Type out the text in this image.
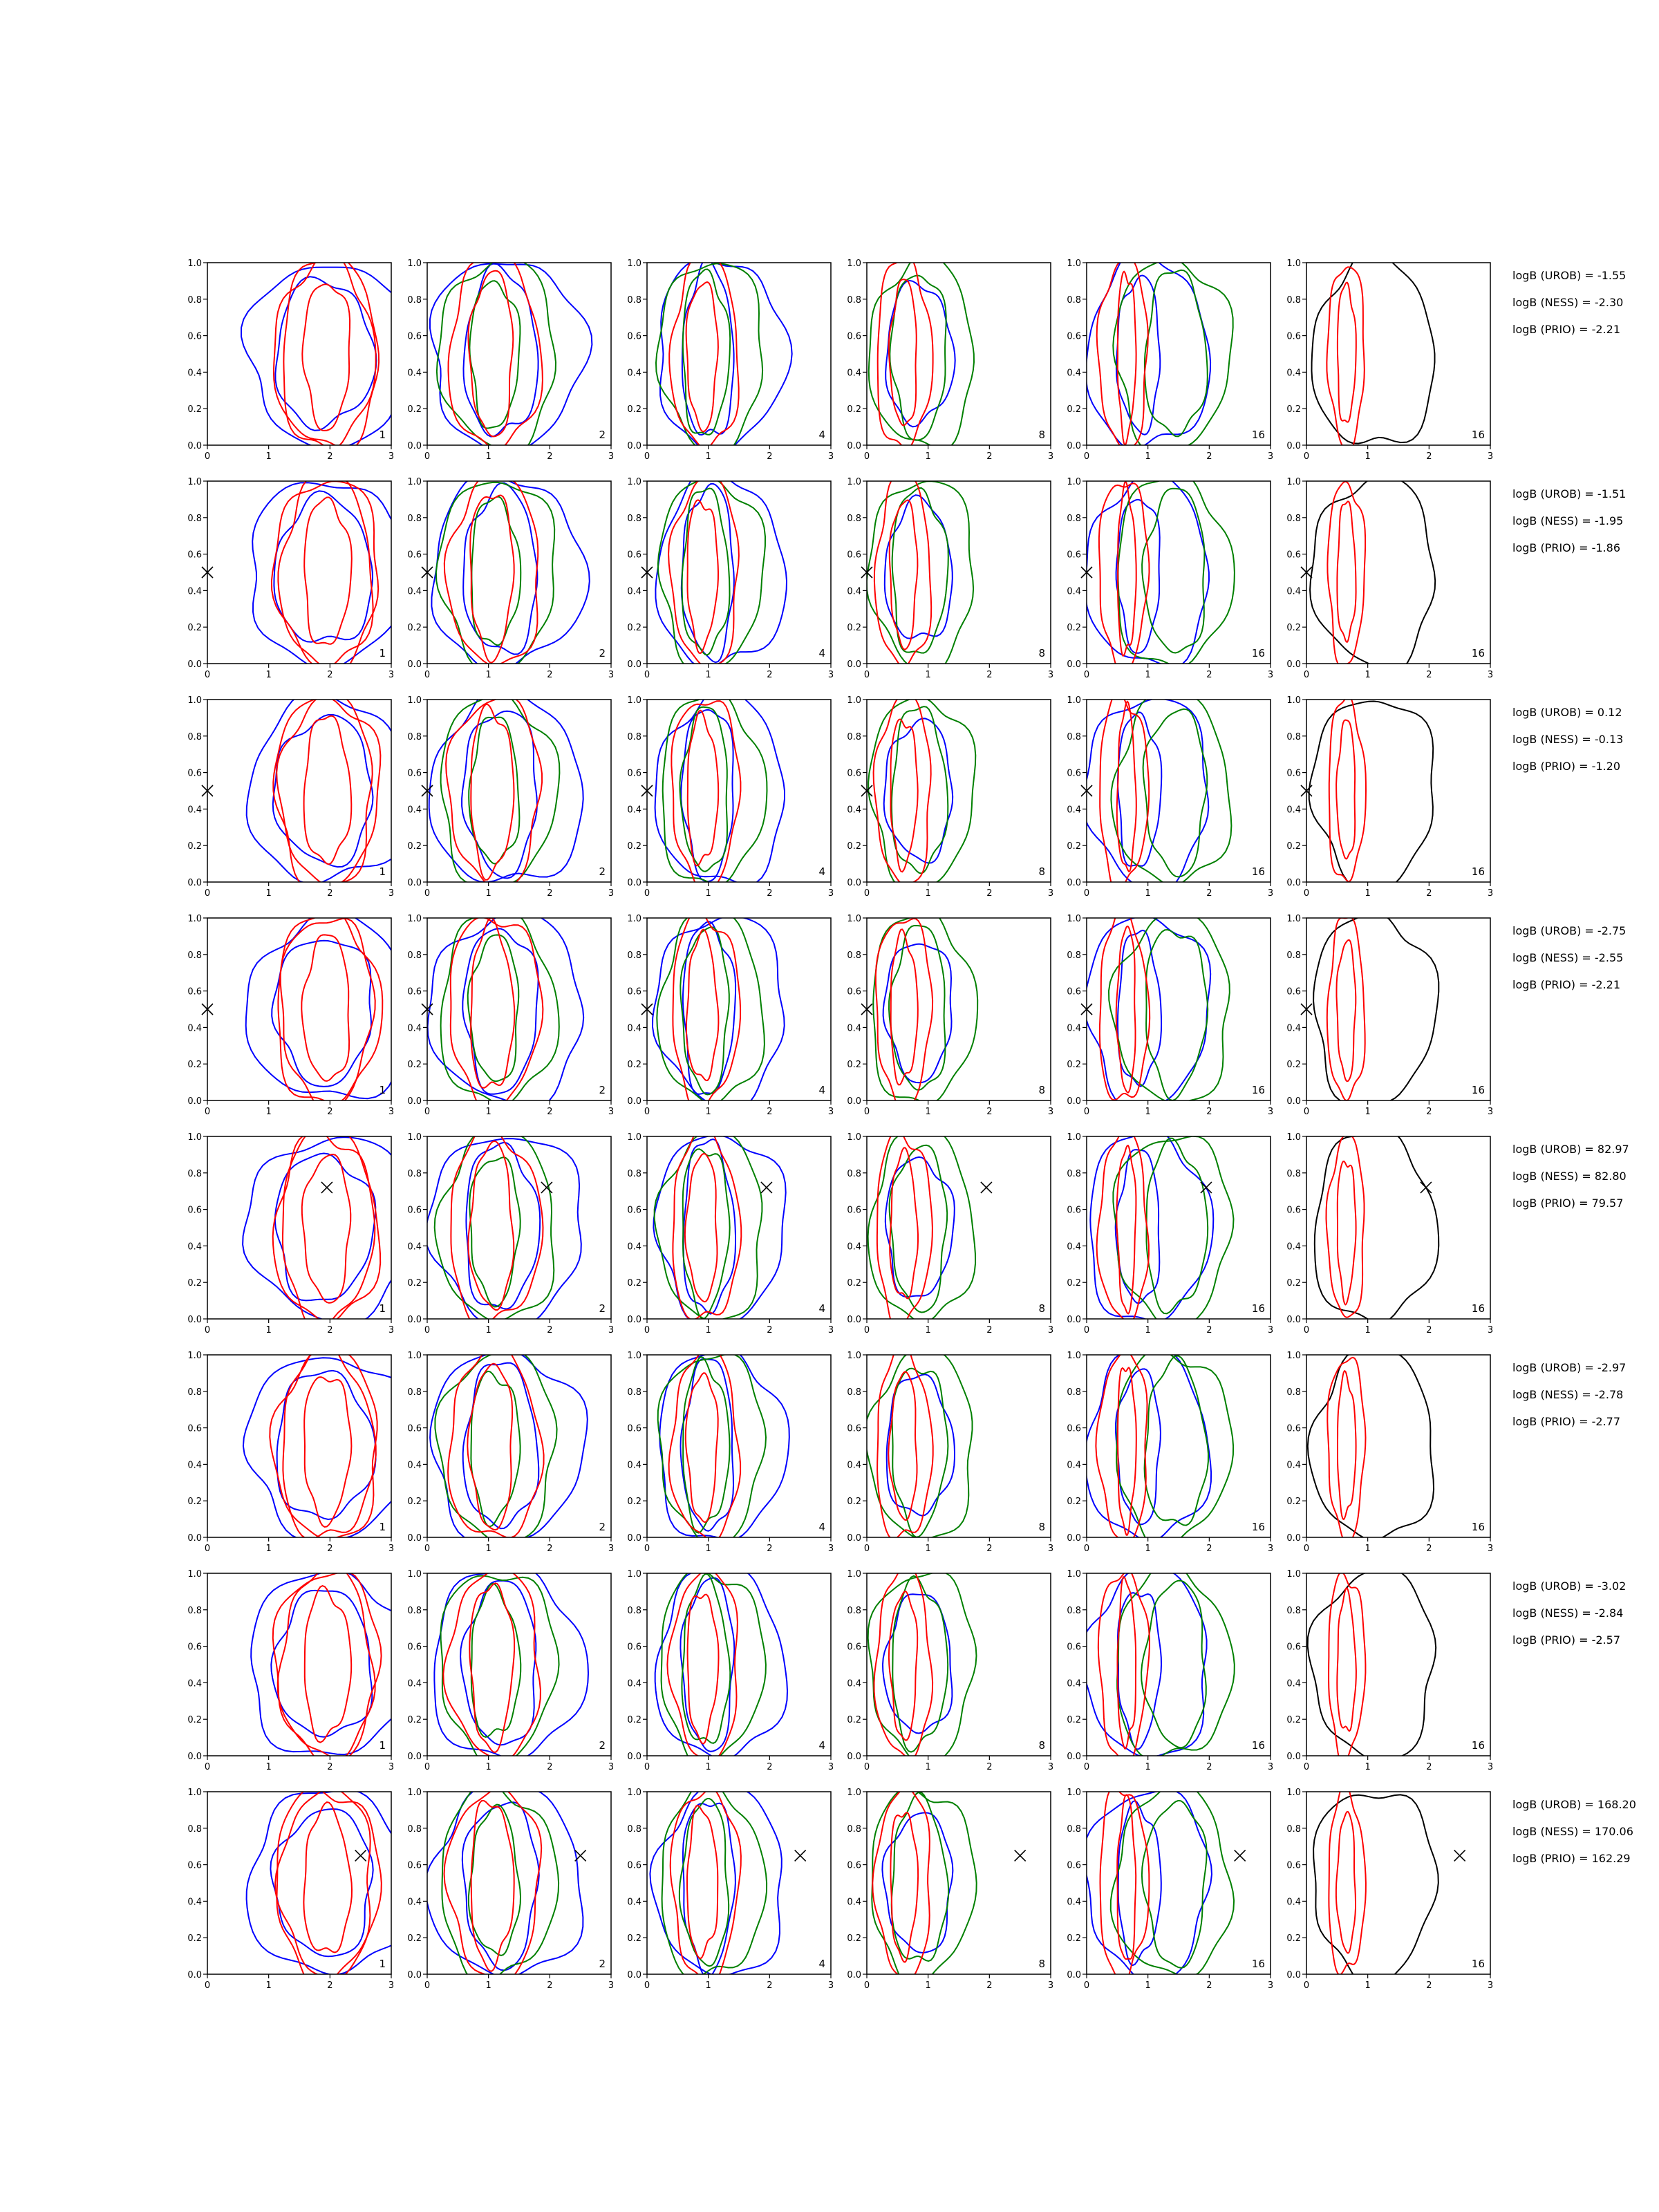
0	1	2	3
0.0
0.2
0.4
0.6
0.8
1.0
1
0	1	2	3
0.0
0.2
0.4
0.6
0.8
1.0
2
0	1	2	3
0.0
0.2
0.4
0.6
0.8
1.0
4
0	1	2	3
0.0
0.2
0.4
0.6
0.8
1.0
8
0	1	2	3
0.0
0.2
0.4
0.6
0.8
1.0
16
0	1	2	3
0.0
0.2
0.4
0.6
0.8
1.0
16
logB (UROB) = -1.55
logB (NESS) = -2.30
logB (PRIO) = -2.21
0	1	2	3
0.0
0.2
0.4
0.6
0.8
1.0
1
0	1	2	3
0.0
0.2
0.4
0.6
0.8
1.0
2
0	1	2	3
0.0
0.2
0.4
0.6
0.8
1.0
4
0	1	2	3
0.0
0.2
0.4
0.6
0.8
1.0
8
0	1	2	3
0.0
0.2
0.4
0.6
0.8
1.0
16
0	1	2	3
0.0
0.2
0.4
0.6
0.8
1.0
16
logB (UROB) = -1.51
logB (NESS) = -1.95
logB (PRIO) = -1.86
0	1	2	3
0.0
0.2
0.4
0.6
0.8
1.0
1
0	1	2	3
0.0
0.2
0.4
0.6
0.8
1.0
2
0	1	2	3
0.0
0.2
0.4
0.6
0.8
1.0
4
0	1	2	3
0.0
0.2
0.4
0.6
0.8
1.0
8
0	1	2	3
0.0
0.2
0.4
0.6
0.8
1.0
16
0	1	2	3
0.0
0.2
0.4
0.6
0.8
1.0
16
logB (UROB) = 0.12
logB (NESS) = -0.13
logB (PRIO) = -1.20
0	1	2	3
0.0
0.2
0.4
0.6
0.8
1.0
1
0	1	2	3
0.0
0.2
0.4
0.6
0.8
1.0
2
0	1	2	3
0.0
0.2
0.4
0.6
0.8
1.0
4
0	1	2	3
0.0
0.2
0.4
0.6
0.8
1.0
8
0	1	2	3
0.0
0.2
0.4
0.6
0.8
1.0
16
0	1	2	3
0.0
0.2
0.4
0.6
0.8
1.0
16
logB (UROB) = -2.75
logB (NESS) = -2.55
logB (PRIO) = -2.21
0	1	2	3
0.0
0.2
0.4
0.6
0.8
1.0
1
0	1	2	3
0.0
0.2
0.4
0.6
0.8
1.0
2
0	1	2	3
0.0
0.2
0.4
0.6
0.8
1.0
4
0	1	2	3
0.0
0.2
0.4
0.6
0.8
1.0
8
0	1	2	3
0.0
0.2
0.4
0.6
0.8
1.0
16
0	1	2	3
0.0
0.2
0.4
0.6
0.8
1.0
16
logB (UROB) = 82.97
logB (NESS) = 82.80
logB (PRIO) = 79.57
0	1	2	3
0.0
0.2
0.4
0.6
0.8
1.0
1
0	1	2	3
0.0
0.2
0.4
0.6
0.8
1.0
2
0	1	2	3
0.0
0.2
0.4
0.6
0.8
1.0
4
0	1	2	3
0.0
0.2
0.4
0.6
0.8
1.0
8
0	1	2	3
0.0
0.2
0.4
0.6
0.8
1.0
16
0	1	2	3
0.0
0.2
0.4
0.6
0.8
1.0
16
logB (UROB) = -2.97
logB (NESS) = -2.78
logB (PRIO) = -2.77
0	1	2	3
0.0
0.2
0.4
0.6
0.8
1.0
1
0	1	2	3
0.0
0.2
0.4
0.6
0.8
1.0
2
0	1	2	3
0.0
0.2
0.4
0.6
0.8
1.0
4
0	1	2	3
0.0
0.2
0.4
0.6
0.8
1.0
8
0	1	2	3
0.0
0.2
0.4
0.6
0.8
1.0
16
0	1	2	3
0.0
0.2
0.4
0.6
0.8
1.0
16
logB (UROB) = -3.02
logB (NESS) = -2.84
logB (PRIO) = -2.57
0	1	2	3
0.0
0.2
0.4
0.6
0.8
1.0
1
0	1	2	3
0.0
0.2
0.4
0.6
0.8
1.0
2
0	1	2	3
0.0
0.2
0.4
0.6
0.8
1.0
4
0	1	2	3
0.0
0.2
0.4
0.6
0.8
1.0
8
0	1	2	3
0.0
0.2
0.4
0.6
0.8
1.0
16
0	1	2	3
0.0
0.2
0.4
0.6
0.8
1.0
16
logB (UROB) = 168.20
logB (NESS) = 170.06
logB (PRIO) = 162.29
